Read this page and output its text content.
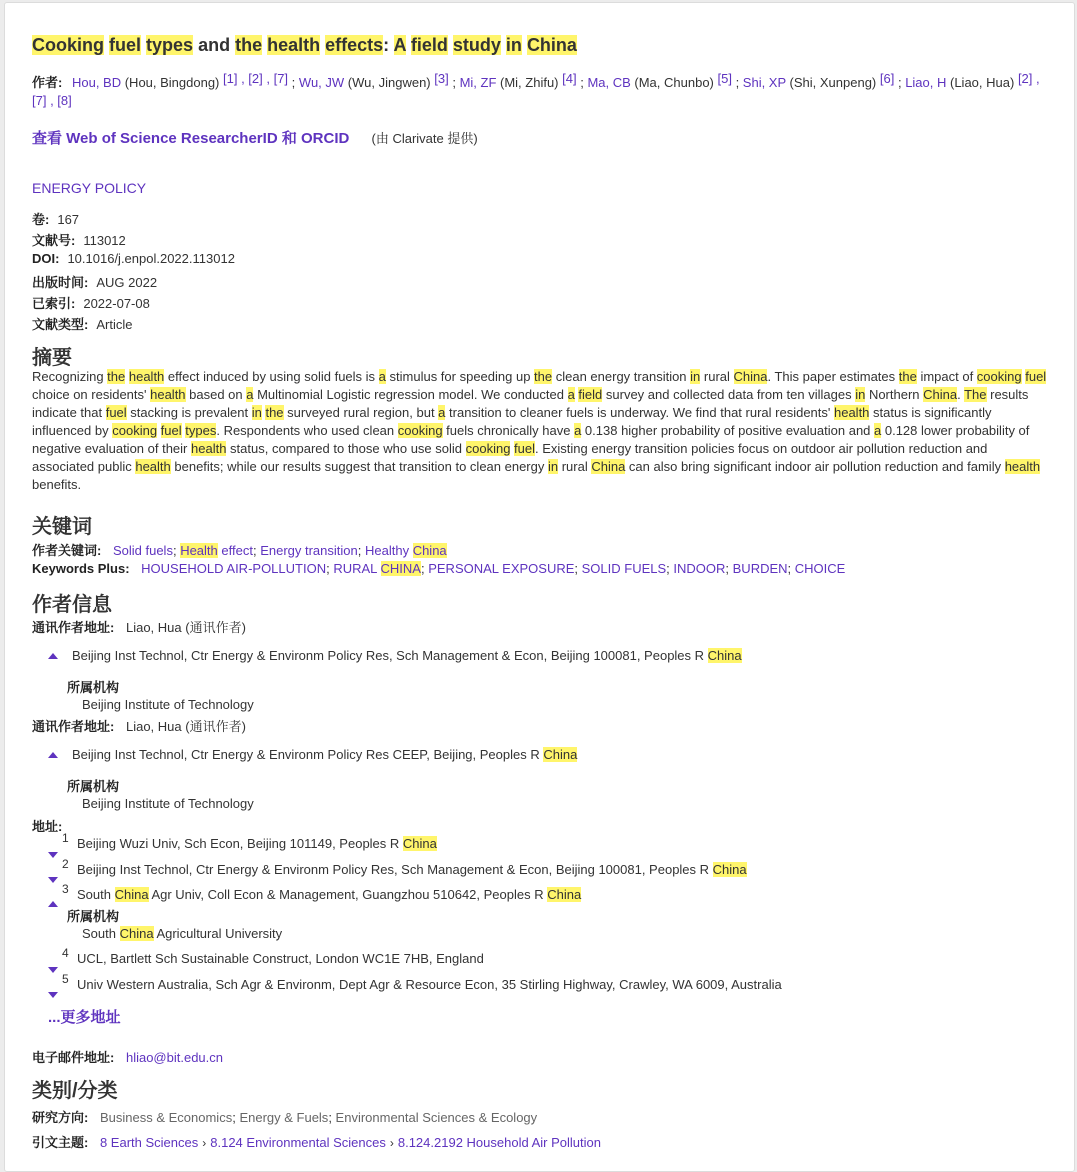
Cooking fuel types and the health effects: A field study in China
作者: Hou, BD (Hou, Bingdong) [1] , [2] , [7] ; Wu, JW (Wu, Jingwen) [3] ; Mi, ZF (Mi, Zhifu) [4] ; Ma, CB (Ma, Chunbo) [5] ; Shi, XP (Shi, Xunpeng) [6] ; Liao, H (Liao, Hua) [2] , [7] $^{, [8]}$
查看 Web of Science ResearcherID 和 ORCID (由 Clarivate 提供)
ENERGY POLICY
卷: 167
文献号: 113012
DOI: 10.1016/j.enpol.2022.113012
出版时间: AUG 2022
已索引: 2022-07-08
文献类型: Article
摘要
Recognizing the health effect induced by using solid fuels is a stimulus for speeding up the clean energy transition in rural China. This paper estimates the impact of cooking fuel choice on residents' health based on a Multinomial Logistic regression model. We conducted a field survey and collected data from ten villages in Northern China. The results indicate that fuel stacking is prevalent in the surveyed rural region, but a transition to cleaner fuels is underway. We find that rural residents' health status is significantly influenced by cooking fuel types. Respondents who used clean cooking fuels chronically have a 0.138 higher probability of positive evaluation and a 0.128 lower probability of negative evaluation of their health status, compared to those who use solid cooking fuel. Existing energy transition policies focus on outdoor air pollution reduction and associated public health benefits; while our results suggest that transition to clean energy in rural China can also bring significant indoor air pollution reduction and family health benefits.
关键词
作者关键词: Solid fuels; Health effect; Energy transition; Healthy China
Keywords Plus: HOUSEHOLD AIR-POLLUTION; RURAL CHINA; PERSONAL EXPOSURE; SOLID FUELS; INDOOR; BURDEN; CHOICE
作者信息
通讯作者地址: Liao, Hua (通讯作者)
Beijing Inst Technol, Ctr Energy & Environm Policy Res, Sch Management & Econ, Beijing 100081, Peoples R China
所属机构
Beijing Institute of Technology
通讯作者地址: Liao, Hua (通讯作者)
Beijing Inst Technol, Ctr Energy & Environm Policy Res CEEP, Beijing, Peoples R China
所属机构
Beijing Institute of Technology
地址:
1 Beijing Wuzi Univ, Sch Econ, Beijing 101149, Peoples R China
2 Beijing Inst Technol, Ctr Energy & Environm Policy Res, Sch Management & Econ, Beijing 100081, Peoples R China
3 South China Agr Univ, Coll Econ & Management, Guangzhou 510642, Peoples R China
所属机构
South China Agricultural University
4 UCL, Bartlett Sch Sustainable Construct, London WC1E 7HB, England
5 Univ Western Australia, Sch Agr & Environm, Dept Agr & Resource Econ, 35 Stirling Highway, Crawley, WA 6009, Australia
...更多地址
电子邮件地址: hliao@bit.edu.cn
类别/分类
研究方向: Business & Economics; Energy & Fuels; Environmental Sciences & Ecology
引文主题: 8 Earth Sciences › 8.124 Environmental Sciences › 8.124.2192 Household Air Pollution
